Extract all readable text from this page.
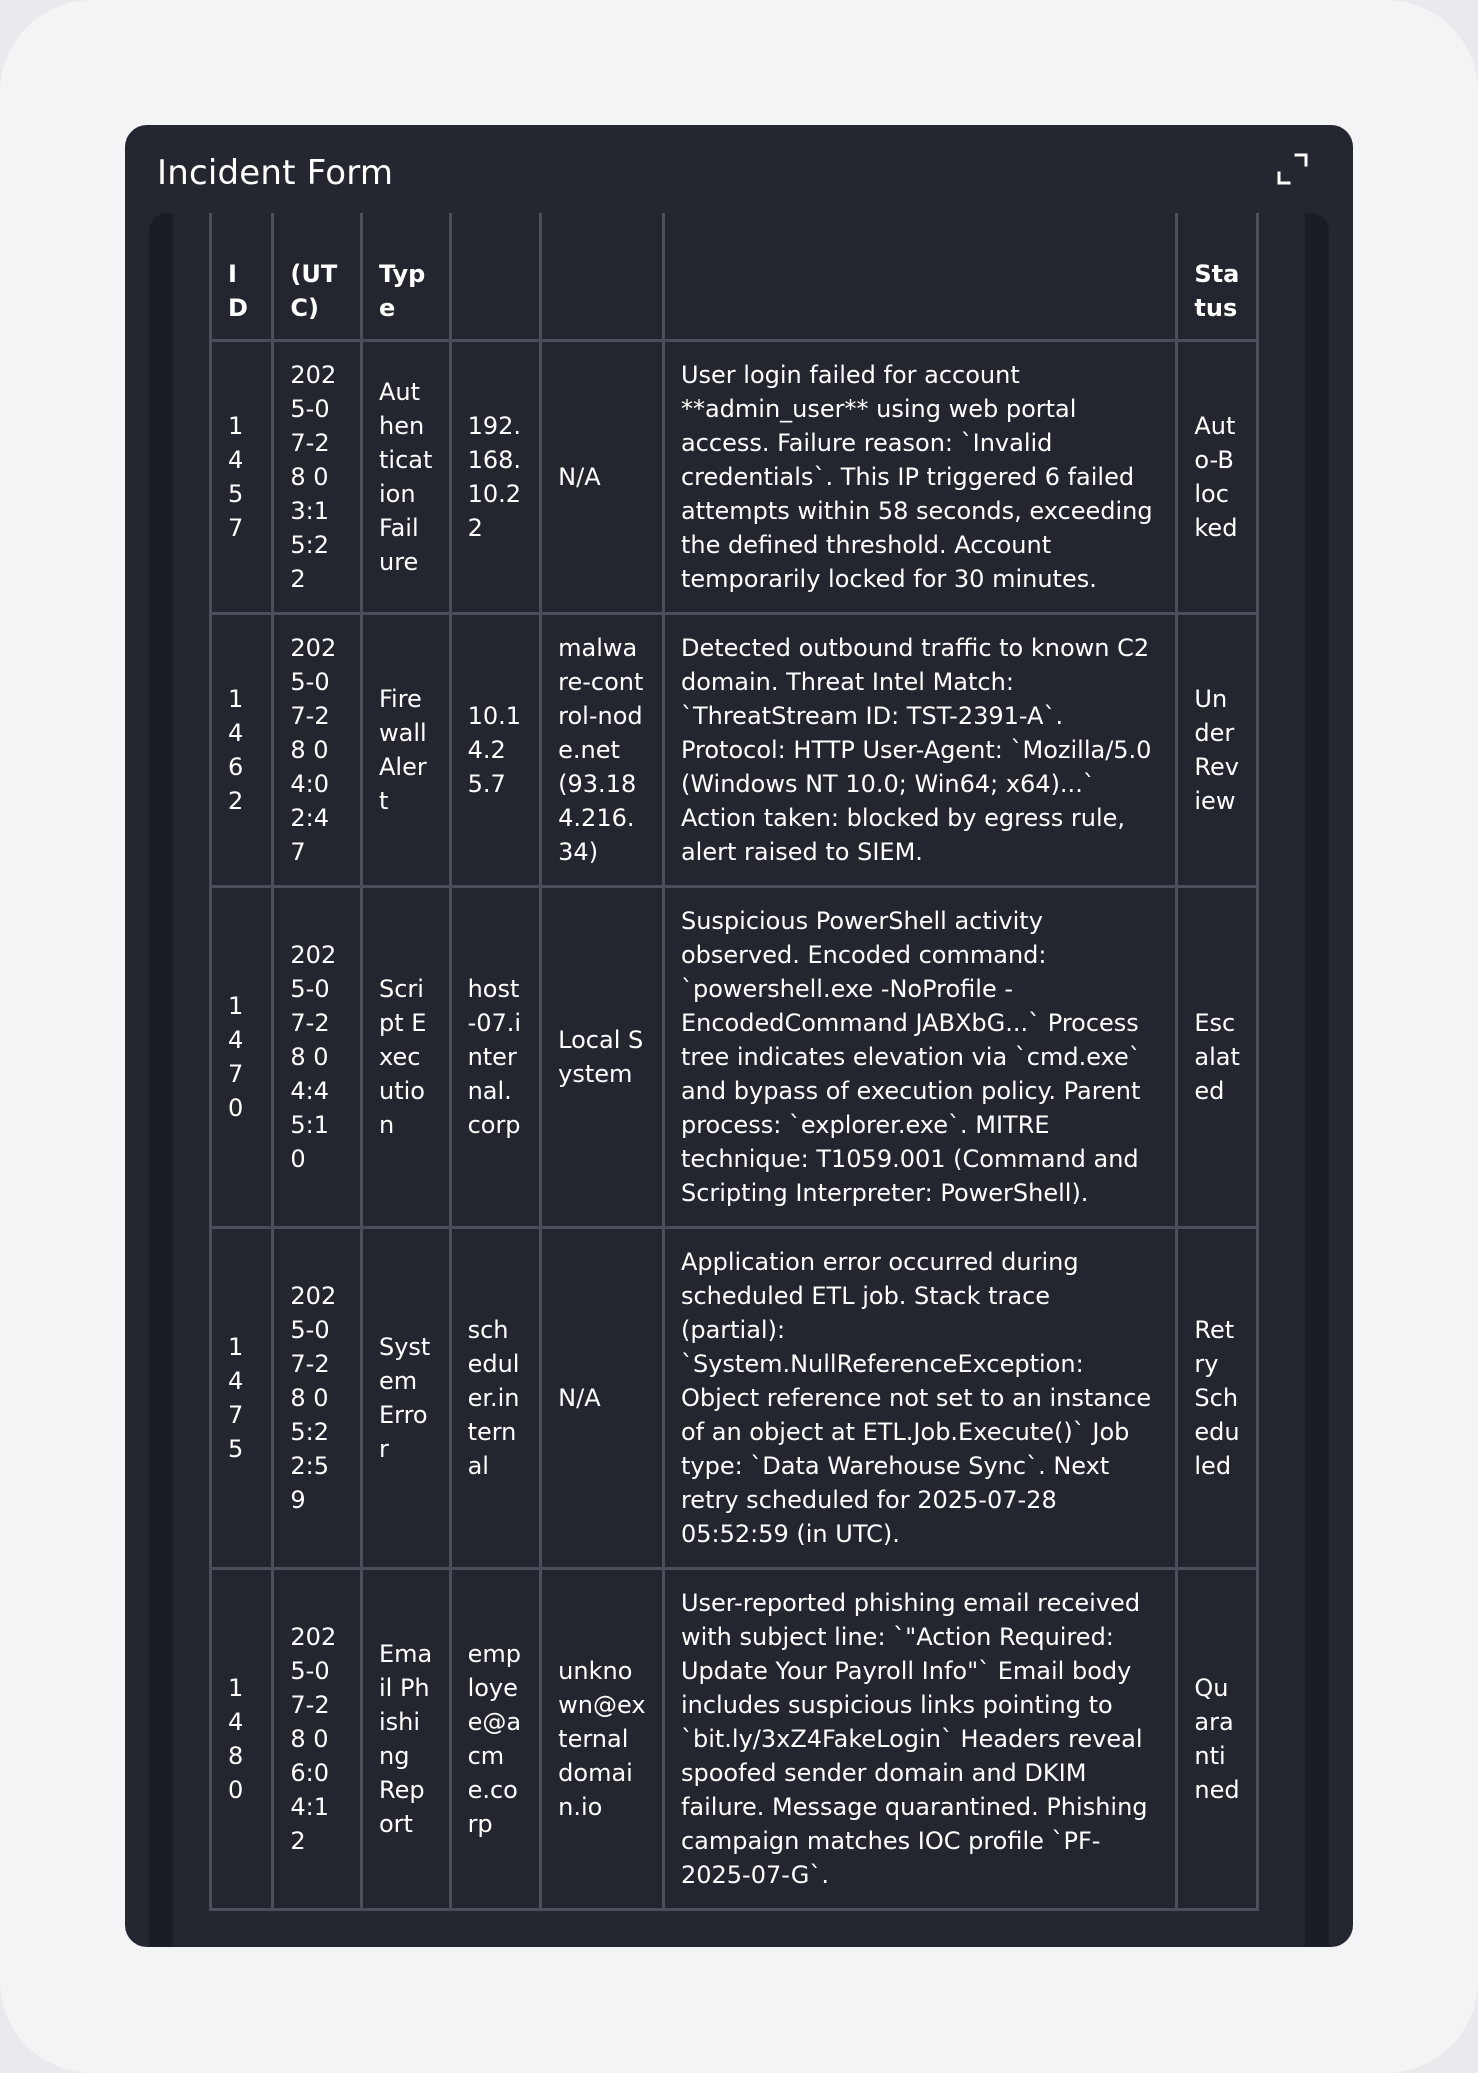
Incident Form
ID	(UTC)	Type				Status
1457	2025-07-28 03:15:22	Authentication Failure	192.168.10.22	N/A	User login failed for account **admin_user** using web portal access. Failure reason: `Invalid credentials`. This IP triggered 6 failed attempts within 58 seconds, exceeding the defined threshold. Account temporarily locked for 30 minutes.	Auto-Blocked
1462	2025-07-28 04:02:47	Firewall Alert	10.14.25.7	malware-control-node.net (93.184.216.34)	Detected outbound traffic to known C2 domain. Threat Intel Match: `ThreatStream ID: TST-2391-A`. Protocol: HTTP User-Agent: `Mozilla/5.0 (Windows NT 10.0; Win64; x64)...` Action taken: blocked by egress rule, alert raised to SIEM.	Under Review
1470	2025-07-28 04:45:10	Script Execution	host-07.internal.corp	Local System	Suspicious PowerShell activity observed. Encoded command: `powershell.exe -NoProfile -EncodedCommand JABXbG...` Process tree indicates elevation via `cmd.exe` and bypass of execution policy. Parent process: `explorer.exe`. MITRE technique: T1059.001 (Command and Scripting Interpreter: PowerShell).	Escalated
1475	2025-07-28 05:22:59	System Error	scheduler.internal	N/A	Application error occurred during scheduled ETL job. Stack trace (partial): `System.NullReferenceException: Object reference not set to an instance of an object at ETL.Job.Execute()` Job type: `Data Warehouse Sync`. Next retry scheduled for 2025-07-28 05:52:59 (in UTC).	Retry Scheduled
1480	2025-07-28 06:04:12	Email Phishing Report	employee@acme.corp	unknown@external domain.io	User-reported phishing email received with subject line: `"Action Required: Update Your Payroll Info"` Email body includes suspicious links pointing to `bit.ly/3xZ4FakeLogin` Headers reveal spoofed sender domain and DKIM failure. Message quarantined. Phishing campaign matches IOC profile `PF-2025-07-G`.	Quarantined
